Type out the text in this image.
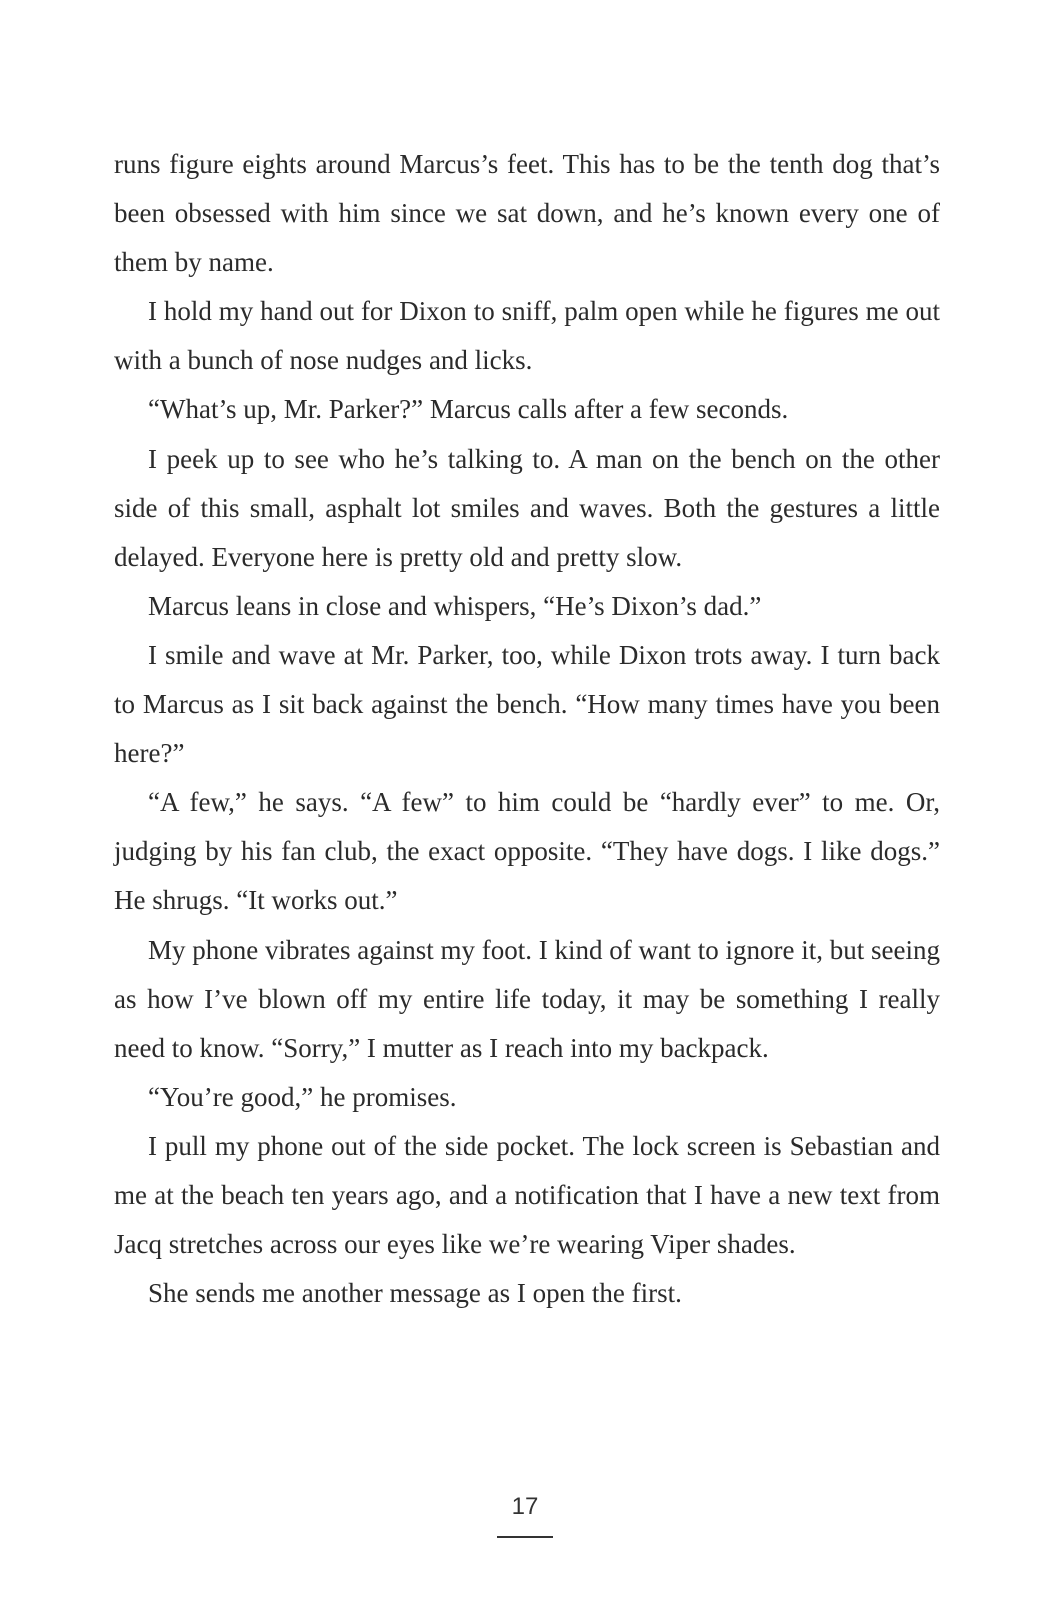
runs figure eights around Marcus’s feet. This has to be the tenth dog that’s been obsessed with him since we sat down, and he’s known every one of them by name.

I hold my hand out for Dixon to sniff, palm open while he figures me out with a bunch of nose nudges and licks.

“What’s up, Mr. Parker?” Marcus calls after a few seconds.

I peek up to see who he’s talking to. A man on the bench on the other side of this small, asphalt lot smiles and waves. Both the gestures a little delayed. Everyone here is pretty old and pretty slow.

Marcus leans in close and whispers, “He’s Dixon’s dad.”

I smile and wave at Mr. Parker, too, while Dixon trots away. I turn back to Marcus as I sit back against the bench. “How many times have you been here?”

“A few,” he says. “A few” to him could be “hardly ever” to me. Or, judging by his fan club, the exact opposite. “They have dogs. I like dogs.” He shrugs. “It works out.”

My phone vibrates against my foot. I kind of want to ignore it, but seeing as how I’ve blown off my entire life today, it may be something I really need to know. “Sorry,” I mutter as I reach into my backpack.

“You’re good,” he promises.

I pull my phone out of the side pocket. The lock screen is Sebastian and me at the beach ten years ago, and a notification that I have a new text from Jacq stretches across our eyes like we’re wearing Viper shades.

She sends me another message as I open the first.

17
